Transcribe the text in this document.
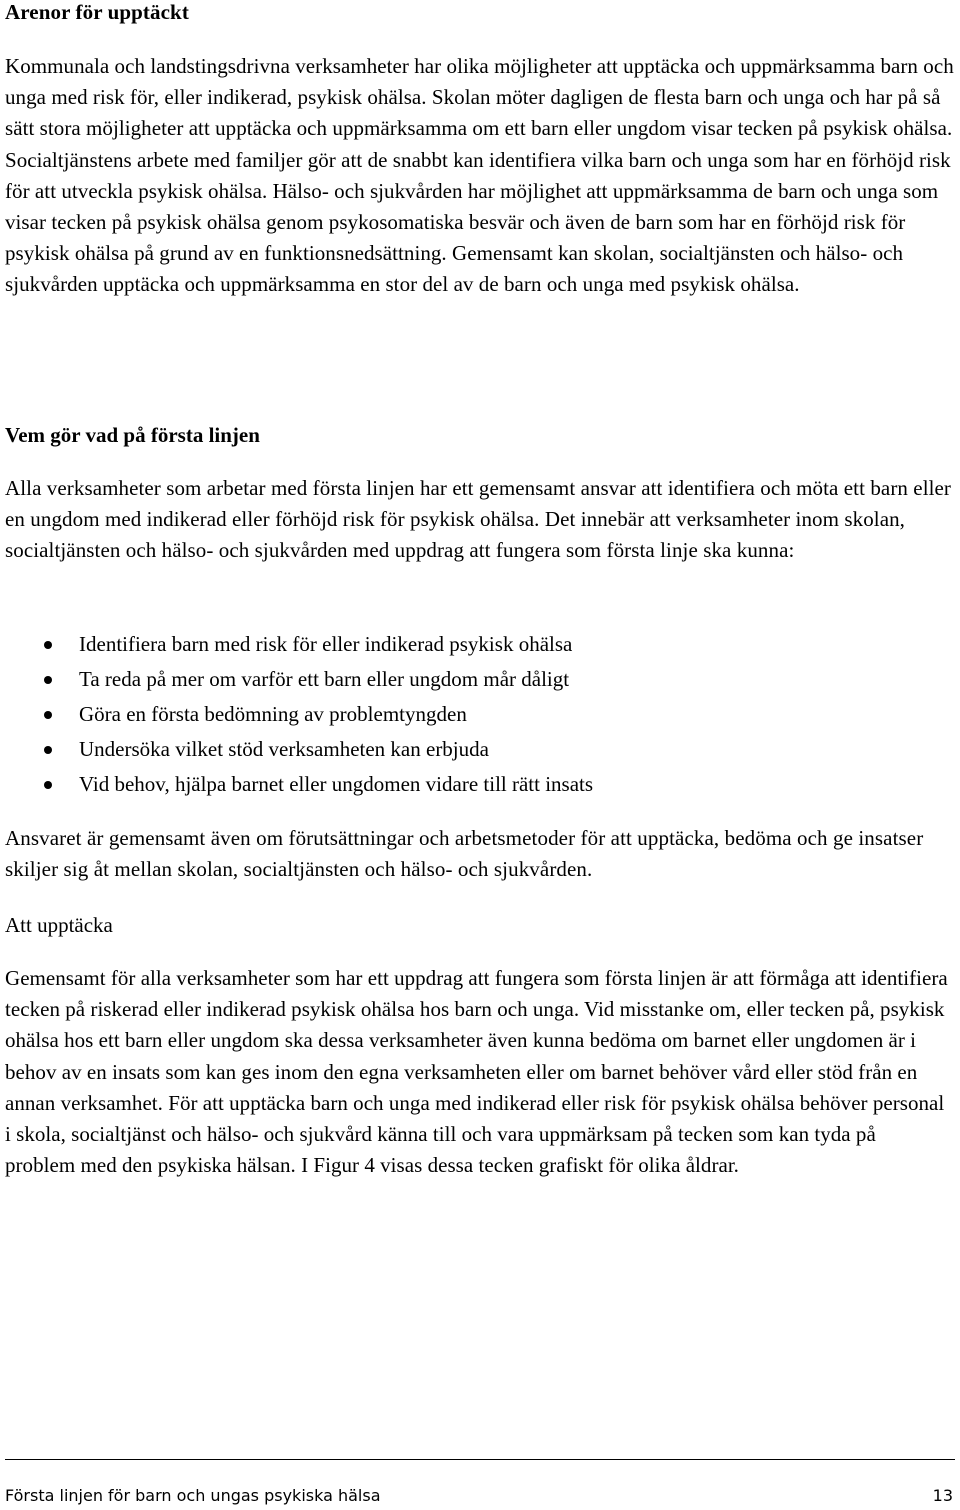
Arenor för upptäckt

Kommunala och landstingsdrivna verksamheter har olika möjligheter att upptäcka och uppmärksamma barn och unga med risk för, eller indikerad, psykisk ohälsa. Skolan möter dagligen de flesta barn och unga och har på så sätt stora möjligheter att upptäcka och uppmärksamma om ett barn eller ungdom visar tecken på psykisk ohälsa. Socialtjänstens arbete med familjer gör att de snabbt kan identifiera vilka barn och unga som har en förhöjd risk för att utveckla psykisk ohälsa. Hälso- och sjukvården har möjlighet att uppmärksamma de barn och unga som visar tecken på psykisk ohälsa genom psykosomatiska besvär och även de barn som har en förhöjd risk för psykisk ohälsa på grund av en funktionsnedsättning. Gemensamt kan skolan, socialtjänsten och hälso- och sjukvården upptäcka och uppmärksamma en stor del av de barn och unga med psykisk ohälsa.

Vem gör vad på första linjen

Alla verksamheter som arbetar med första linjen har ett gemensamt ansvar att identifiera och möta ett barn eller en ungdom med indikerad eller förhöjd risk för psykisk ohälsa. Det innebär att verksamheter inom skolan, socialtjänsten och hälso- och sjukvården med uppdrag att fungera som första linje ska kunna:

Identifiera barn med risk för eller indikerad psykisk ohälsa
Ta reda på mer om varför ett barn eller ungdom mår dåligt
Göra en första bedömning av problemtyngden
Undersöka vilket stöd verksamheten kan erbjuda
Vid behov, hjälpa barnet eller ungdomen vidare till rätt insats

Ansvaret är gemensamt även om förutsättningar och arbetsmetoder för att upptäcka, bedöma och ge insatser skiljer sig åt mellan skolan, socialtjänsten och hälso- och sjukvården.

Att upptäcka

Gemensamt för alla verksamheter som har ett uppdrag att fungera som första linjen är att förmåga att identifiera tecken på riskerad eller indikerad psykisk ohälsa hos barn och unga. Vid misstanke om, eller tecken på, psykisk ohälsa hos ett barn eller ungdom ska dessa verksamheter även kunna bedöma om barnet eller ungdomen är i behov av en insats som kan ges inom den egna verksamheten eller om barnet behöver vård eller stöd från en annan verksamhet. För att upptäcka barn och unga med indikerad eller risk för psykisk ohälsa behöver personal i skola, socialtjänst och hälso- och sjukvård känna till och vara uppmärksam på tecken som kan tyda på problem med den psykiska hälsan. I Figur 4 visas dessa tecken grafiskt för olika åldrar.

Första linjen för barn och ungas psykiska hälsa	13
